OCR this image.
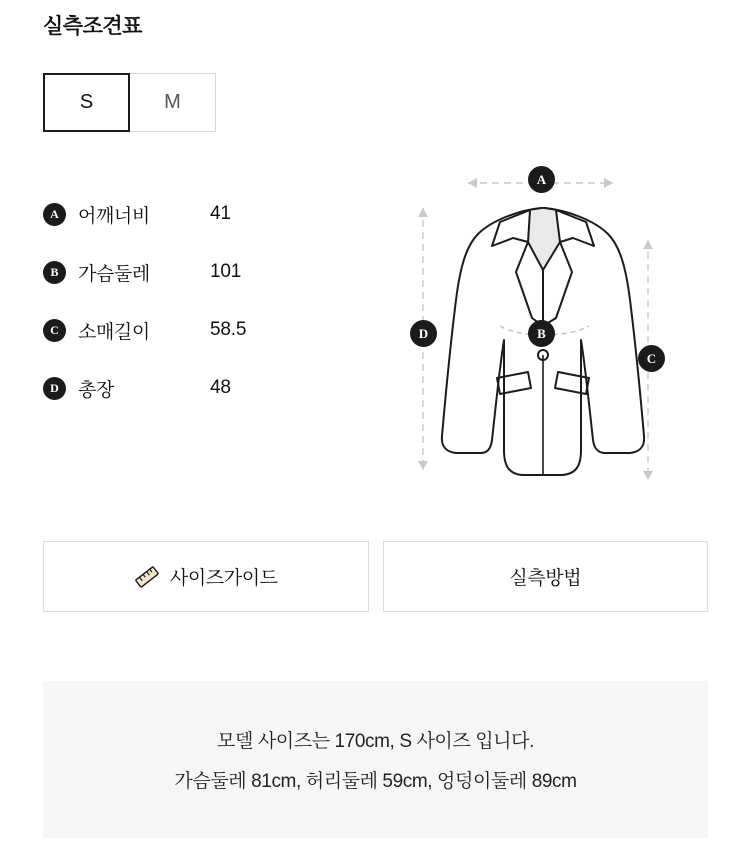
실측조견표
S	M
A	어깨너비	41
B	가슴둘레	101
C	소매길이	58.5
D	총장	48
A
B
C
D
사이즈가이드	실측방법
모델 사이즈는 170cm, S 사이즈 입니다.
가슴둘레 81cm, 허리둘레 59cm, 엉덩이둘레 89cm
